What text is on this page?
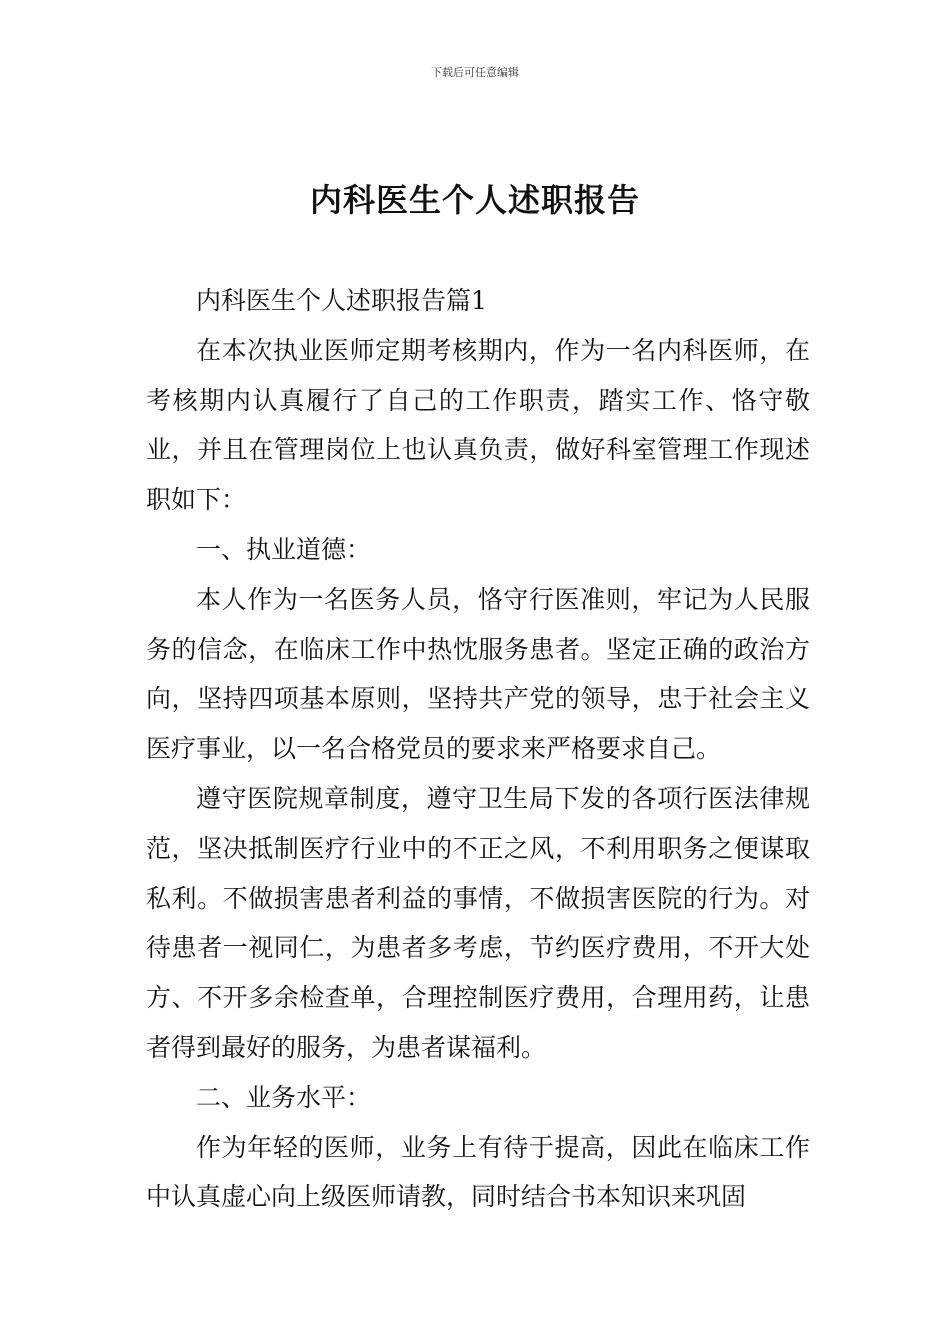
下载后可任意编辑
内科医生个人述职报告

内科医生个人述职报告篇1

在本次执业医师定期考核期内，作为一名内科医师，在考核期内认真履行了自己的工作职责，踏实工作、恪守敬业，并且在管理岗位上也认真负责，做好科室管理工作现述职如下：

一、执业道德：

本人作为一名医务人员，恪守行医准则，牢记为人民服务的信念，在临床工作中热忱服务患者。坚定正确的政治方向，坚持四项基本原则，坚持共产党的领导，忠于社会主义医疗事业，以一名合格党员的要求来严格要求自己。

遵守医院规章制度，遵守卫生局下发的各项行医法律规范，坚决抵制医疗行业中的不正之风，不利用职务之便谋取私利。不做损害患者利益的事情，不做损害医院的行为。对待患者一视同仁，为患者多考虑，节约医疗费用，不开大处方、不开多余检查单，合理控制医疗费用，合理用药，让患者得到最好的服务，为患者谋福利。

二、业务水平：

作为年轻的医师，业务上有待于提高，因此在临床工作中认真虚心向上级医师请教，同时结合书本知识来巩固
